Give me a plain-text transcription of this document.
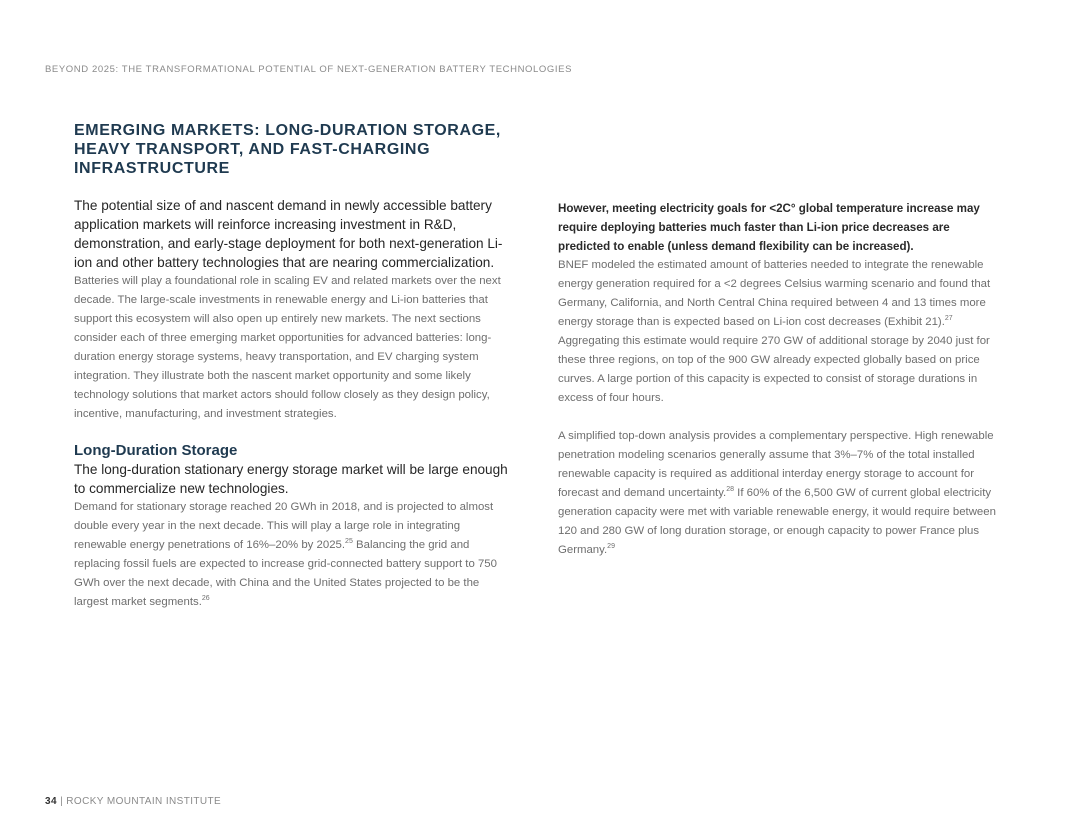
BEYOND 2025: THE TRANSFORMATIONAL POTENTIAL OF NEXT-GENERATION BATTERY TECHNOLOGIES
EMERGING MARKETS: LONG-DURATION STORAGE, HEAVY TRANSPORT, AND FAST-CHARGING INFRASTRUCTURE

The potential size of and nascent demand in newly accessible battery application markets will reinforce increasing investment in R&D, demonstration, and early-stage deployment for both next-generation Li-ion and other battery technologies that are nearing commercialization.

Batteries will play a foundational role in scaling EV and related markets over the next decade. The large-scale investments in renewable energy and Li-ion batteries that support this ecosystem will also open up entirely new markets. The next sections consider each of three emerging market opportunities for advanced batteries: long-duration energy storage systems, heavy transportation, and EV charging system integration. They illustrate both the nascent market opportunity and some likely technology solutions that market actors should follow closely as they design policy, incentive, manufacturing, and investment strategies.

Long-Duration Storage

The long-duration stationary energy storage market will be large enough to commercialize new technologies.

Demand for stationary storage reached 20 GWh in 2018, and is projected to almost double every year in the next decade. This will play a large role in integrating renewable energy penetrations of 16%–20% by 2025.25 Balancing the grid and replacing fossil fuels are expected to increase grid-connected battery support to 750 GWh over the next decade, with China and the United States projected to be the largest market segments.$^{26}$

However, meeting electricity goals for <2C° global temperature increase may require deploying batteries much faster than Li-ion price decreases are predicted to enable (unless demand flexibility can be increased).

BNEF modeled the estimated amount of batteries needed to integrate the renewable energy generation required for a <2 degrees Celsius warming scenario and found that Germany, California, and North Central China required between 4 and 13 times more energy storage than is expected based on Li-ion cost decreases (Exhibit 21).$^{27}$ Aggregating this estimate would require 270 GW of additional storage by 2040 just for these three regions, on top of the 900 GW already expected globally based on price curves. A large portion of this capacity is expected to consist of storage durations in excess of four hours.

A simplified top-down analysis provides a complementary perspective. High renewable penetration modeling scenarios generally assume that 3%–7% of the total installed renewable capacity is required as additional interday energy storage to account for forecast and demand uncertainty.$^{28}$ If 60% of the 6,500 GW of current global electricity generation capacity were met with variable renewable energy, it would require between 120 and 280 GW of long duration storage, or enough capacity to power France plus Germany.$^{29}$

34 | ROCKY MOUNTAIN INSTITUTE
